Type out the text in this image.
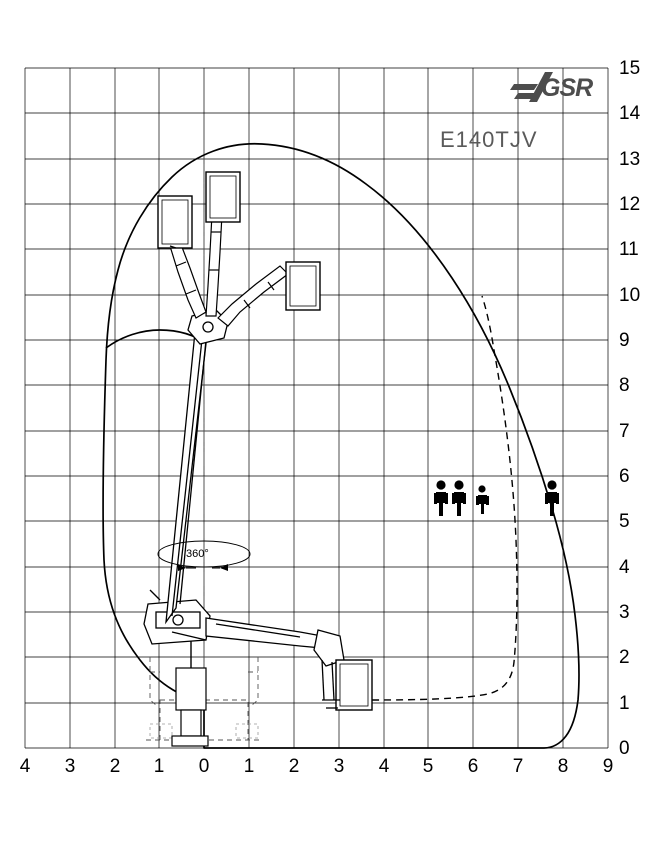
15
14
13
12
11
10
9
8
7
6
5
4
3
2
1
0
4	3	2	1	0	1	2	3	4	5	6	7	8	9
E140TJV
GSR
360°
